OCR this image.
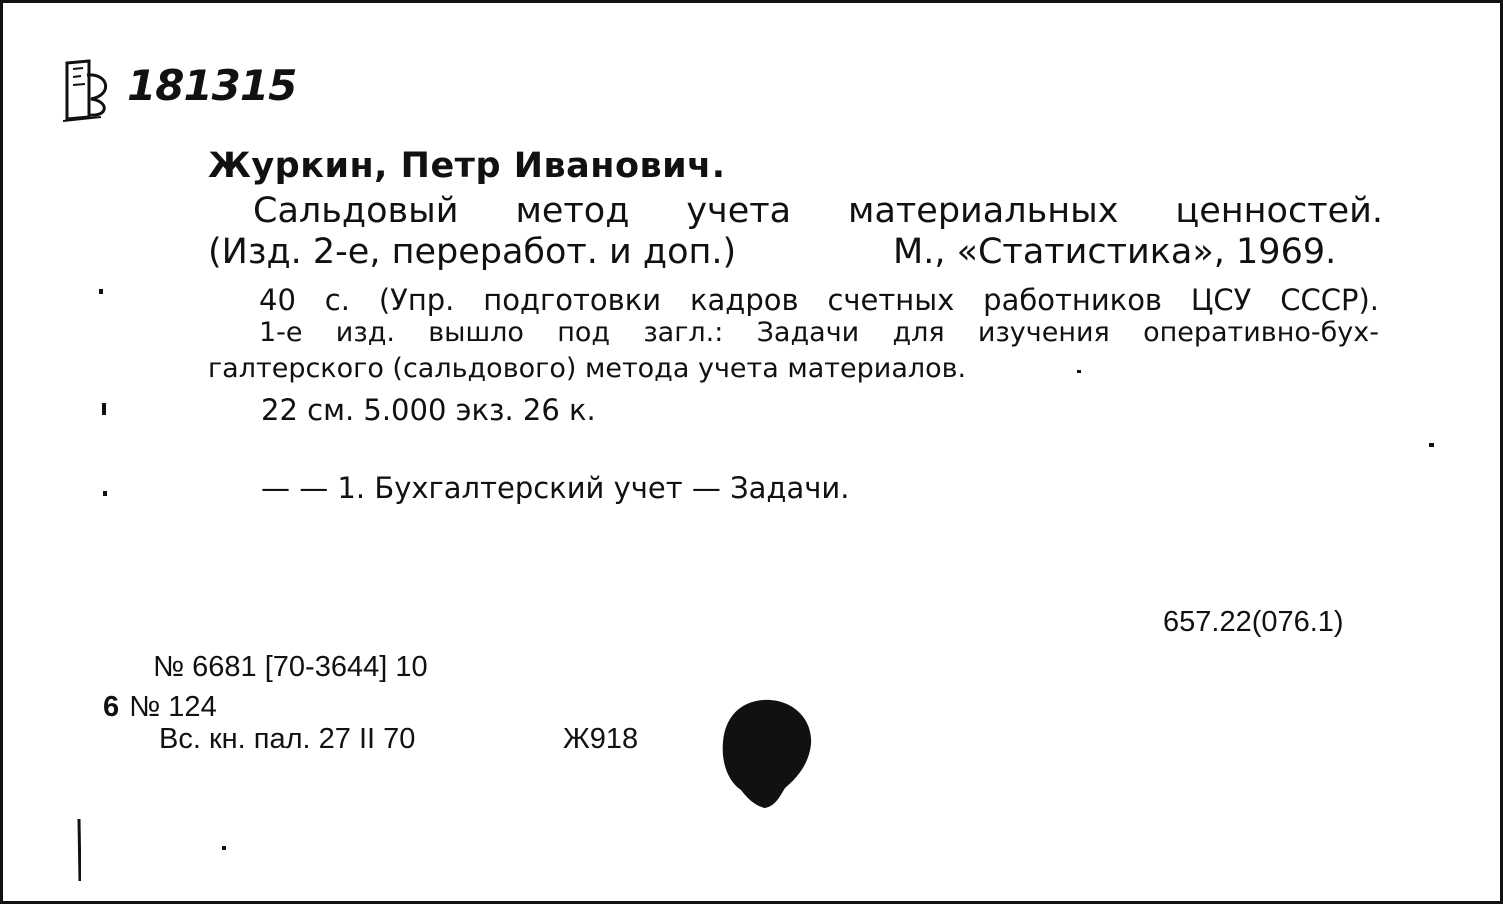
181315
Журкин, Петр Иванович.
Сальдовый метод учета материальных ценностей.
(Изд. 2-е, переработ. и доп.)	М., «Статистика», 1969.
40 с. (Упр. подготовки кадров счетных работников ЦСУ СССР).
1-е изд. вышло под загл.: Задачи для изучения оперативно-бух-
галтерского (сальдового) метода учета материалов.
22 см. 5.000 экз. 26 к.
— — 1. Бухгалтерский учет — Задачи.
657.22(076.1)
№ 6681 [70-3644] 10
6 № 124
Вс. кн. пал. 27 II 70	Ж918
